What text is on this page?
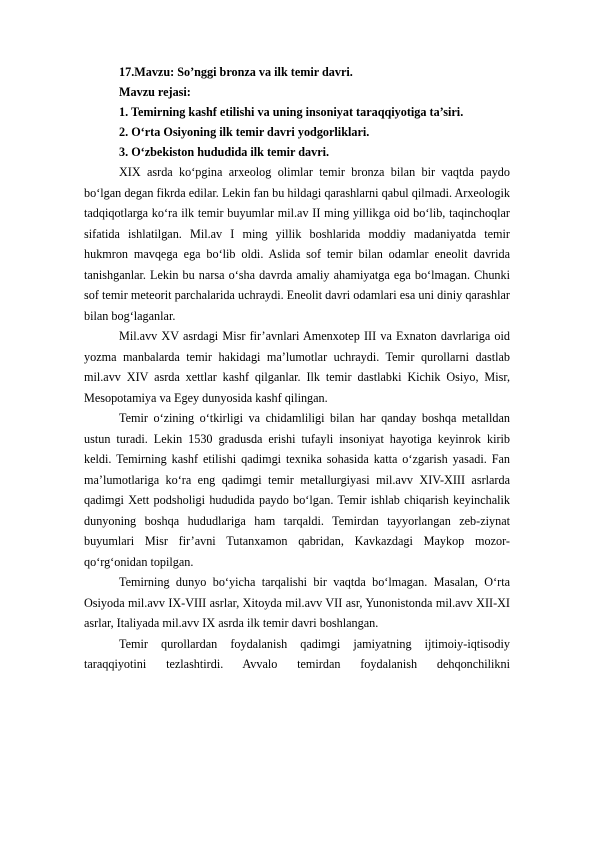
17.Mavzu: So’nggi bronza va ilk temir davri.

Mavzu rejasi:

1. Temirning kashf etilishi va uning insoniyat taraqqiyotiga ta’siri.

2. O‘rta Osiyoning ilk temir davri yodgorliklari.

3. O‘zbekiston hududida ilk temir davri.

XIX asrda ko‘pgina arxeolog olimlar temir bronza bilan bir vaqtda paydo bo‘lgan degan fikrda edilar. Lekin fan bu hildagi qarashlarni qabul qilmadi. Arxeologik tadqiqotlarga ko‘ra ilk temir buyumlar mil.av II ming yillikga oid bo‘lib, taqinchoqlar sifatida ishlatilgan. Mil.av I ming yillik boshlarida moddiy madaniyatda temir hukmron mavqega ega bo‘lib oldi. Aslida sof temir bilan odamlar eneolit davrida tanishganlar. Lekin bu narsa o‘sha davrda amaliy ahamiyatga ega bo‘lmagan. Chunki sof temir meteorit parchalarida uchraydi. Eneolit davri odamlari esa uni diniy qarashlar bilan bog‘laganlar.

Mil.avv XV asrdagi Misr fir’avnlari Amenxotep III va Exnaton davrlariga oid yozma manbalarda temir hakidagi ma’lumotlar uchraydi. Temir qurollarni dastlab mil.avv XIV asrda xettlar kashf qilganlar. Ilk temir dastlabki Kichik Osiyo, Misr, Mesopotamiya va Egey dunyosida kashf qilingan.

Temir o‘zining o‘tkirligi va chidamliligi bilan har qanday boshqa metalldan ustun turadi. Lekin 1530 gradusda erishi tufayli insoniyat hayotiga keyinrok kirib keldi. Temirning kashf etilishi qadimgi texnika sohasida katta o‘zgarish yasadi. Fan ma’lumotlariga ko‘ra eng qadimgi temir metallurgiyasi mil.avv XIV-XIII asrlarda qadimgi Xett podsholigi hududida paydo bo‘lgan. Temir ishlab chiqarish keyinchalik dunyoning boshqa hududlariga ham tarqaldi. Temirdan tayyorlangan zeb-ziynat buyumlari Misr fir’avni Tutanxamon qabridan, Kavkazdagi Maykop mozor-qo‘rg‘onidan topilgan.

Temirning dunyo bo‘yicha tarqalishi bir vaqtda bo‘lmagan. Masalan, O‘rta Osiyoda mil.avv IX-VIII asrlar, Xitoyda mil.avv VII asr, Yunonistonda mil.avv XII-XI asrlar, Italiyada mil.avv IX asrda ilk temir davri boshlangan.

Temir qurollardan foydalanish qadimgi jamiyatning ijtimoiy-iqtisodiy taraqqiyotini tezlashtirdi. Avvalo temirdan foydalanish dehqonchilikni
